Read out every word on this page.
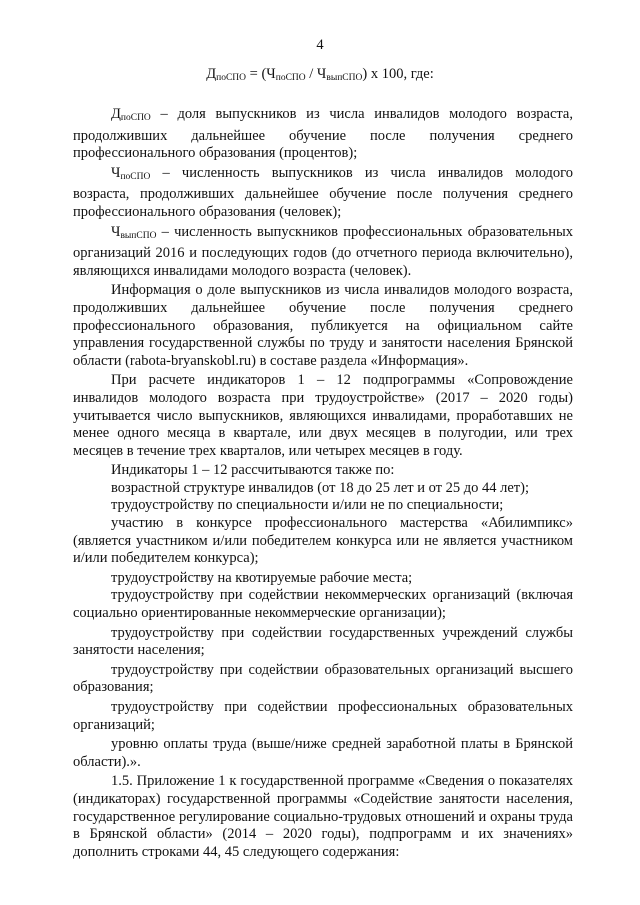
4
$Д_{поСПО} = (Ч_{поСПО} / Ч_{выпСПО})$ х 100, где:

$Д_{поСПО}$ – доля выпускников из числа инвалидов молодого возраста, продолживших дальнейшее обучение после получения среднего профессионального образования (процентов);

$Ч_{поСПО}$ – численность выпускников из числа инвалидов молодого возраста, продолживших дальнейшее обучение после получения среднего профессионального образования (человек);

$Ч_{выпСПО}$ – численность выпускников профессиональных образовательных организаций 2016 и последующих годов (до отчетного периода включительно), являющихся инвалидами молодого возраста (человек).

Информация о доле выпускников из числа инвалидов молодого возраста, продолживших дальнейшее обучение после получения среднего профессионального образования, публикуется на официальном сайте управления государственной службы по труду и занятости населения Брянской области (rabota-bryanskobl.ru) в составе раздела «Информация».

При расчете индикаторов 1 – 12 подпрограммы «Сопровождение инвалидов молодого возраста при трудоустройстве» (2017 – 2020 годы) учитывается число выпускников, являющихся инвалидами, проработавших не менее одного месяца в квартале, или двух месяцев в полугодии, или трех месяцев в течение трех кварталов, или четырех месяцев в году.

Индикаторы 1 – 12 рассчитываются также по:

возрастной структуре инвалидов (от 18 до 25 лет и от 25 до 44 лет);

трудоустройству по специальности и/или не по специальности;

участию в конкурсе профессионального мастерства «Абилимпикс» (является участником и/или победителем конкурса или не является участником и/или победителем конкурса);

трудоустройству на квотируемые рабочие места;

трудоустройству при содействии некоммерческих организаций (включая социально ориентированные некоммерческие организации);

трудоустройству при содействии государственных учреждений службы занятости населения;

трудоустройству при содействии образовательных организаций высшего образования;

трудоустройству при содействии профессиональных образовательных организаций;

уровню оплаты труда (выше/ниже средней заработной платы в Брянской области).».

1.5. Приложение 1 к государственной программе «Сведения о показателях (индикаторах) государственной программы «Содействие занятости населения, государственное регулирование социально-трудовых отношений и охраны труда в Брянской области» (2014 – 2020 годы), подпрограмм и их значениях» дополнить строками 44, 45 следующего содержания:
